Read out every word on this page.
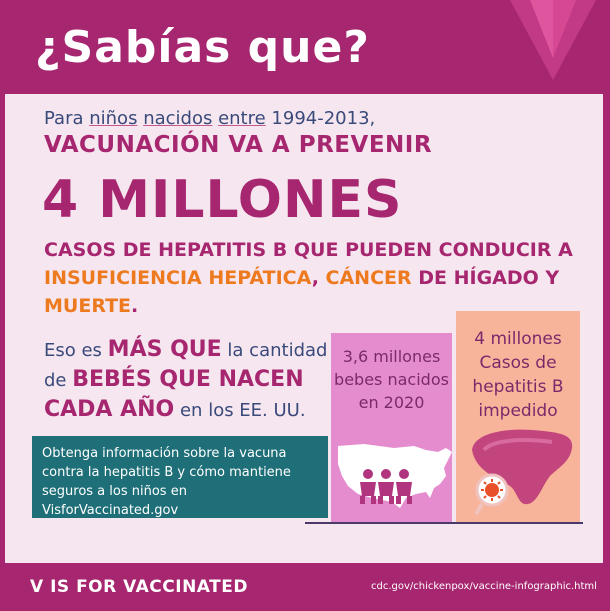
¿Sabías que?
Para niños nacidos entre 1994-2013,
VACUNACIÓN VA A PREVENIR
4 MILLONES
CASOS DE HEPATITIS B QUE PUEDEN CONDUCIR A INSUFICIENCIA HEPÁTICA, CÁNCER DE HÍGADO Y MUERTE.
Eso es MÁS QUE la cantidad de BEBÉS QUE NACEN CADA AÑO en los EE. UU.
Obtenga información sobre la vacuna contra la hepatitis B y cómo mantiene seguros a los niños en VisforVaccinated.gov
3,6 millones
bebes nacidos
en 2020
4 millones
Casos de
hepatitis B
impedido
V IS FOR VACCINATED	cdc.gov/chickenpox/vaccine-infographic.html
